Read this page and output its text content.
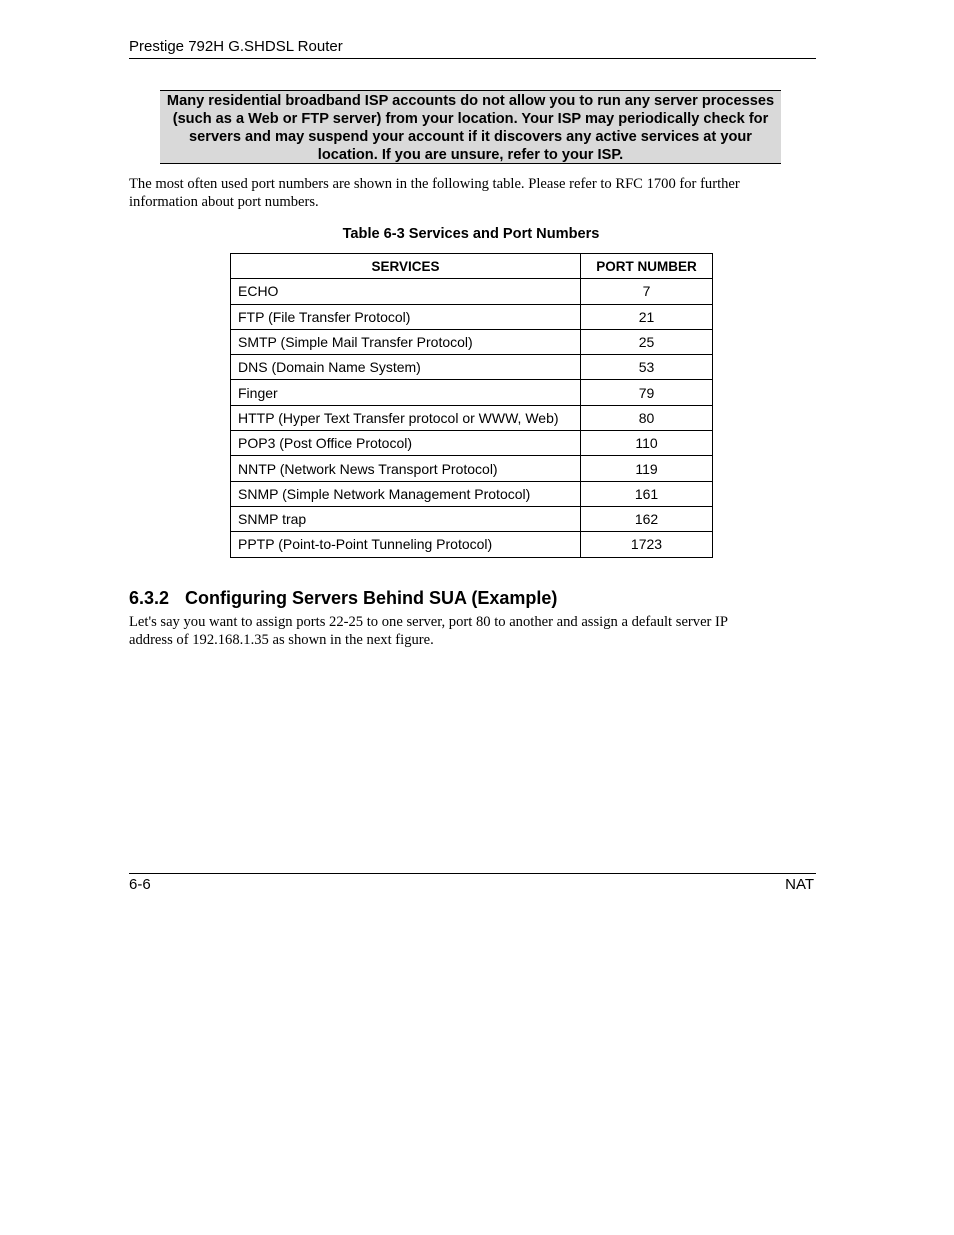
Prestige 792H G.SHDSL Router
Many residential broadband ISP accounts do not allow you to run any server processes (such as a Web or FTP server) from your location. Your ISP may periodically check for servers and may suspend your account if it discovers any active services at your location. If you are unsure, refer to your ISP.
The most often used port numbers are shown in the following table. Please refer to RFC 1700 for further
information about port numbers.
Table 6-3 Services and Port Numbers
SERVICES	PORT NUMBER
ECHO	7
FTP (File Transfer Protocol)	21
SMTP (Simple Mail Transfer Protocol)	25
DNS (Domain Name System)	53
Finger	79
HTTP (Hyper Text Transfer protocol or WWW, Web)	80
POP3 (Post Office Protocol)	110
NNTP (Network News Transport Protocol)	119
SNMP (Simple Network Management Protocol)	161
SNMP trap	162
PPTP (Point-to-Point Tunneling Protocol)	1723
6.3.2 Configuring Servers Behind SUA (Example)
Let's say you want to assign ports 22-25 to one server, port 80 to another and assign a default server IP
address of 192.168.1.35 as shown in the next figure.
6-6	NAT
